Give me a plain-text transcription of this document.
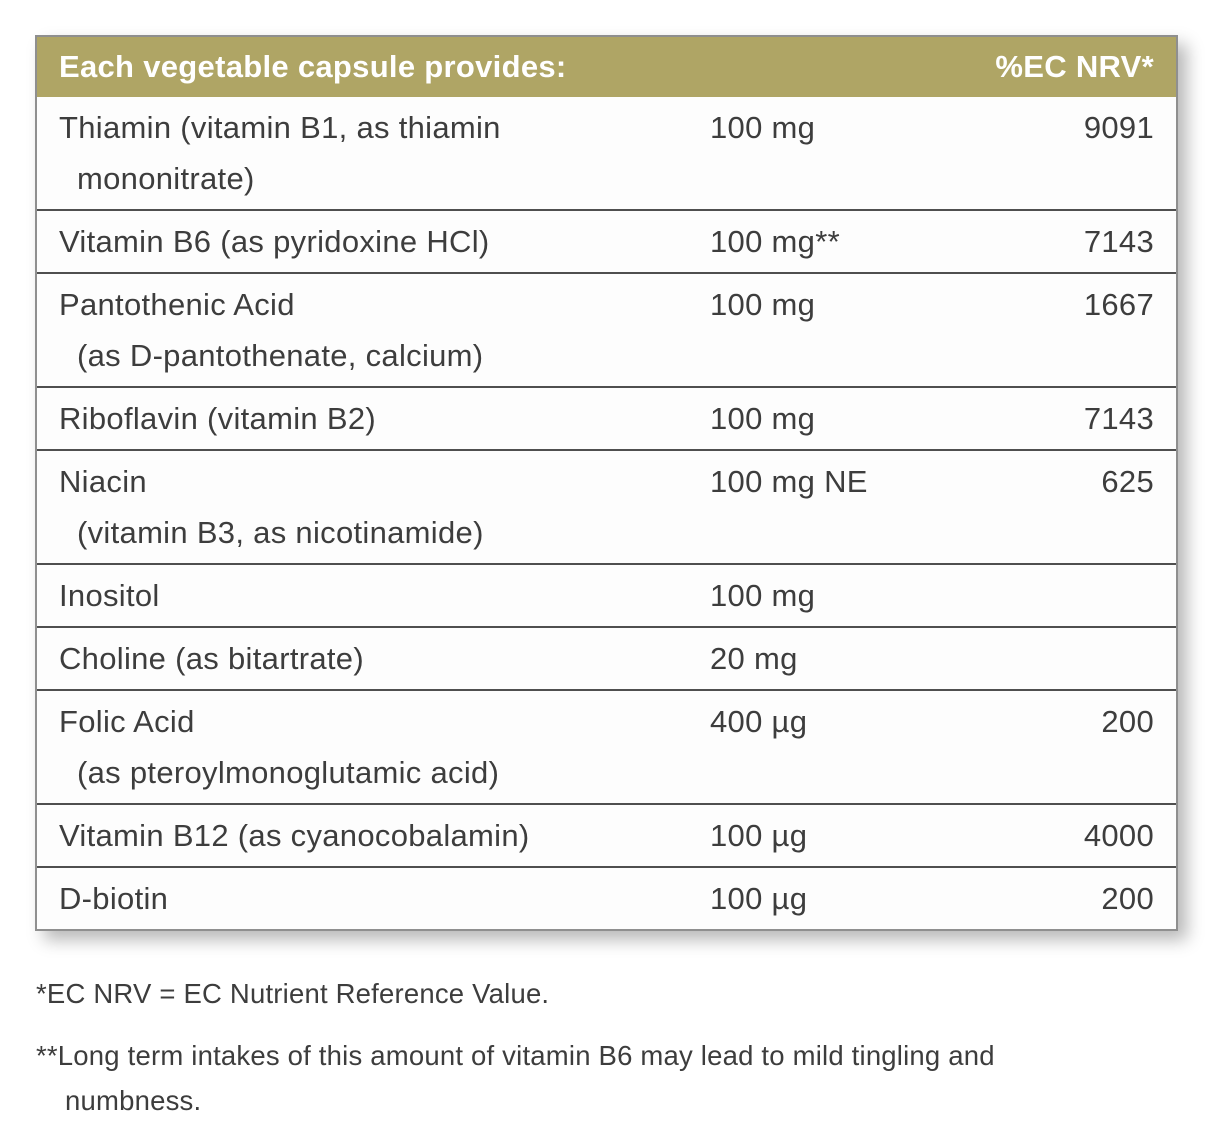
Each vegetable capsule provides:	%EC NRV*
Thiamin (vitamin B1, as thiamin
mononitrate)
100 mg	9091
Vitamin B6 (as pyridoxine HCl)	100 mg**	7143
Pantothenic Acid
(as D-pantothenate, calcium)
100 mg	1667
Riboflavin (vitamin B2)	100 mg	7143
Niacin
(vitamin B3, as nicotinamide)
100 mg NE	625
Inositol	100 mg
Choline (as bitartrate)	20 mg
Folic Acid
(as pteroylmonoglutamic acid)
400 µg	200
Vitamin B12 (as cyanocobalamin)	100 µg	4000
D-biotin	100 µg	200
*EC NRV = EC Nutrient Reference Value.
**Long term intakes of this amount of vitamin B6 may lead to mild tingling and numbness.
